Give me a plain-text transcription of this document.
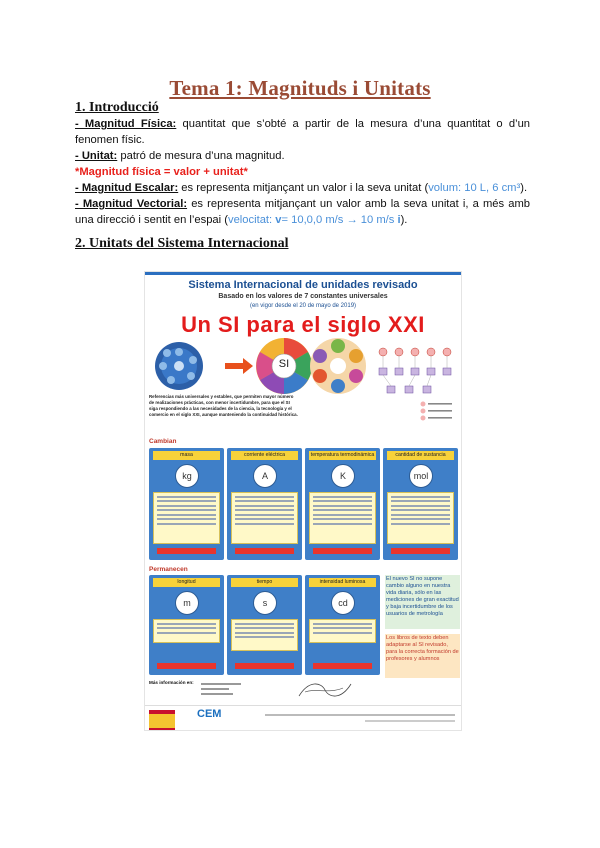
Tema 1: Magnituds i Unitats
1. Introducció
- Magnitud Física: quantitat que s’obté a partir de la mesura d’una quantitat o d’un fenomen físic.
- Unitat: patró de mesura d’una magnitud.
*Magnitud física = valor + unitat*
- Magnitud Escalar: es representa mitjançant un valor i la seva unitat (volum: 10 L, 6 cm³).
- Magnitud Vectorial: es representa mitjançant un valor amb la seva unitat i, a més amb una direcció i sentit en l’espai (velocitat: v= 10,0,0 m/s → 10 m/s i).
2. Unitats del Sistema Internacional
Sistema Internacional de unidades revisado
Basado en los valores de 7 constantes universales
(en vigor desde el 20 de mayo de 2019)
Un SI para el siglo XXI
SI
Referencias más universales y estables, que permiten mayor número de realizaciones prácticas, con menor incertidumbre, para que el SI siga respondiendo a las necesidades de la ciencia, la tecnología y el comercio en el siglo XXI, aunque manteniendo la continuidad histórica.
Cambian
masa
kg
corriente eléctrica
A
temperatura termodinámica
K
cantidad de sustancia
mol
Permanecen
longitud
m
tiempo
s
intensidad luminosa
cd
El nuevo SI no supone cambio alguno en nuestra vida diaria, sólo en las mediciones de gran exactitud y baja incertidumbre de los usuarios de metrología
Los libros de texto deben adaptarse al SI revisado, para la correcta formación de profesores y alumnos
Más información en:
CEM
